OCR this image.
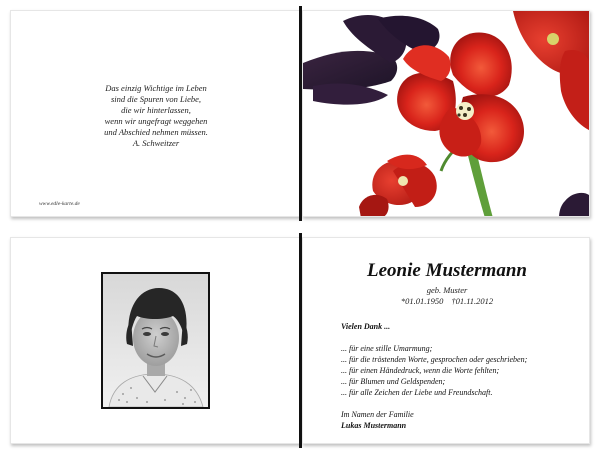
Das einzig Wichtige im Leben
sind die Spuren von Liebe,
die wir hinterlassen,
wenn wir ungefragt weggehen
und Abschied nehmen müssen.
A. Schweitzer
www.edle-karte.de
Leonie Mustermann
geb. Muster
*01.01.1950 †01.11.2012
Vielen Dank ...
... für eine stille Umarmung;
... für die tröstenden Worte, gesprochen oder geschrieben;
... für einen Händedruck, wenn die Worte fehlten;
... für Blumen und Geldspenden;
... für alle Zeichen der Liebe und Freundschaft.
Im Namen der Familie
Lukas Mustermann
